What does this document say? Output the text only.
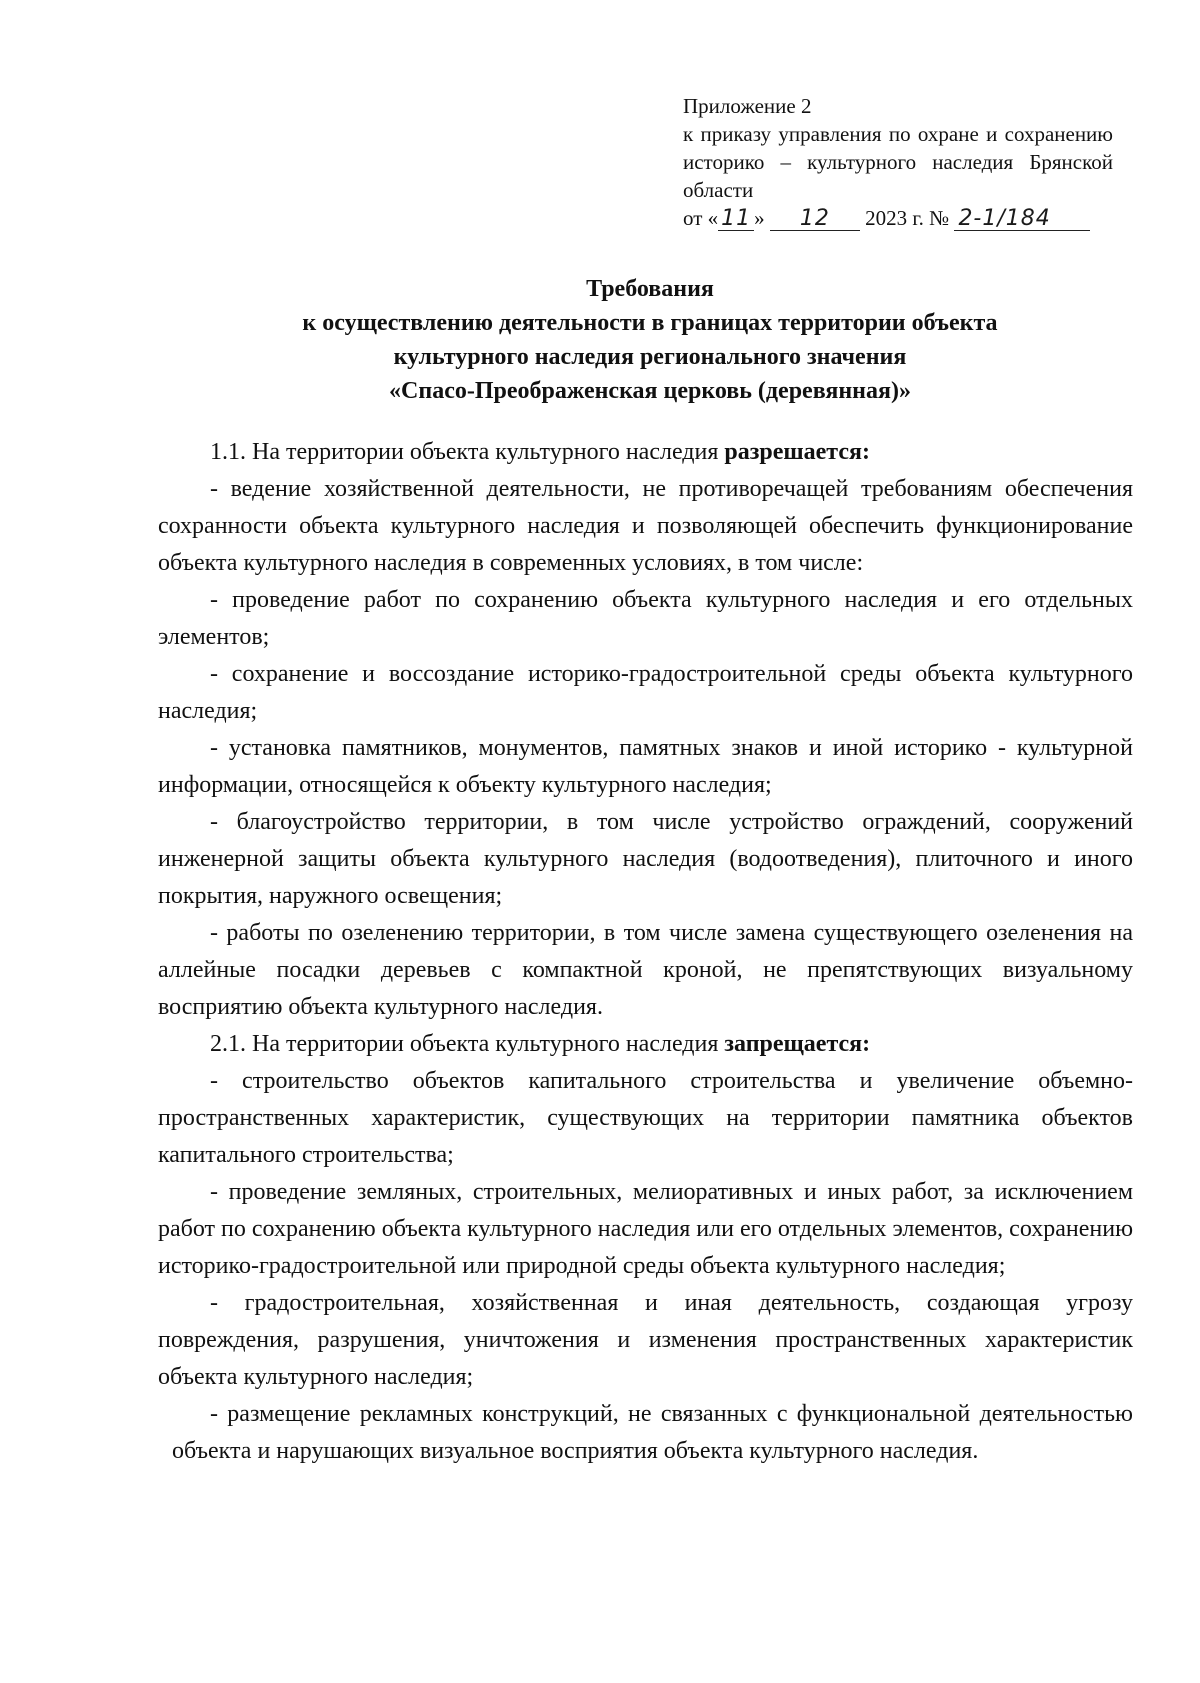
Приложение 2
к приказу управления по охране и сохранению историко – культурного наследия Брянской области
от « 11 » 12 2023 г. № 2-1/184
Требования
к осуществлению деятельности в границах территории объекта
культурного наследия регионального значения
«Спасо-Преображенская церковь (деревянная)»

1.1. На территории объекта культурного наследия разрешается:

- ведение хозяйственной деятельности, не противоречащей требованиям обеспечения сохранности объекта культурного наследия и позволяющей обеспечить функционирование объекта культурного наследия в современных условиях, в том числе:

- проведение работ по сохранению объекта культурного наследия и его отдельных элементов;

- сохранение и воссоздание историко-градостроительной среды объекта культурного наследия;

- установка памятников, монументов, памятных знаков и иной историко - культурной информации, относящейся к объекту культурного наследия;

- благоустройство территории, в том числе устройство ограждений, сооружений инженерной защиты объекта культурного наследия (водоотведения), плиточного и иного покрытия, наружного освещения;

- работы по озеленению территории, в том числе замена существующего озеленения на аллейные посадки деревьев с компактной кроной, не препятствующих визуальному восприятию объекта культурного наследия.

2.1. На территории объекта культурного наследия запрещается:

- строительство объектов капитального строительства и увеличение объемно-пространственных характеристик, существующих на территории памятника объектов капитального строительства;

- проведение земляных, строительных, мелиоративных и иных работ, за исключением работ по сохранению объекта культурного наследия или его отдельных элементов, сохранению историко-градостроительной или природной среды объекта культурного наследия;

- градостроительная, хозяйственная и иная деятельность, создающая угрозу повреждения, разрушения, уничтожения и изменения пространственных характеристик объекта культурного наследия;

- размещение рекламных конструкций, не связанных с функциональной деятельностью объекта и нарушающих визуальное восприятия объекта культурного наследия.
